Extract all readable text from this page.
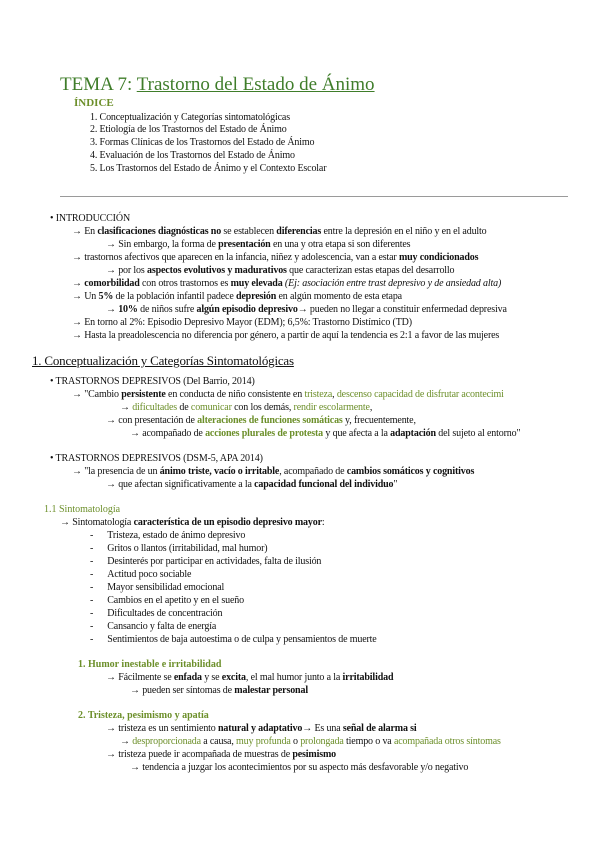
TEMA 7: Trastorno del Estado de Ánimo
ÍNDICE
1. Conceptualización y Categorías sintomatológicas
2. Etiología de los Trastornos del Estado de Ánimo
3. Formas Clínicas de los Trastornos del Estado de Ánimo
4. Evaluación de los Trastornos del Estado de Ánimo
5. Los Trastornos del Estado de Ánimo y el Contexto Escolar
• INTRODUCCIÓN
→ En clasificaciones diagnósticas no se establecen diferencias entre la depresión en el niño y en el adulto
→ Sin embargo, la forma de presentación en una y otra etapa si son diferentes
→ trastornos afectivos que aparecen en la infancia, niñez y adolescencia, van a estar muy condicionados
→ por los aspectos evolutivos y madurativos que caracterizan estas etapas del desarrollo
→ comorbilidad con otros trastornos es muy elevada (Ej: asociación entre trast depresivo y de ansiedad alta)
→ Un 5% de la población infantil padece depresión en algún momento de esta etapa
→ 10% de niños sufre algún episodio depresivo→ pueden no llegar a constituir enfermedad depresiva
→ En torno al 2%: Episodio Depresivo Mayor (EDM); 6,5%: Trastorno Distímico (TD)
→ Hasta la preadolescencia no diferencia por género, a partir de aquí la tendencia es 2:1 a favor de las mujeres
1. Conceptualización y Categorías Sintomatológicas
• TRASTORNOS DEPRESIVOS (Del Barrio, 2014)
→ "Cambio persistente en conducta de niño consistente en tristeza, descenso capacidad de disfrutar acontecimi
→ dificultades de comunicar con los demás, rendir escolarmente,
→ con presentación de alteraciones de funciones somáticas y, frecuentemente,
→ acompañado de acciones plurales de protesta y que afecta a la adaptación del sujeto al entorno"
• TRASTORNOS DEPRESIVOS (DSM-5, APA 2014)
→ "la presencia de un ánimo triste, vacío o irritable, acompañado de cambios somáticos y cognitivos
→ que afectan significativamente a la capacidad funcional del individuo"
1.1 Sintomatología
→ Sintomatología característica de un episodio depresivo mayor:
-      Tristeza, estado de ánimo depresivo
-      Gritos o llantos (irritabilidad, mal humor)
-      Desinterés por participar en actividades, falta de ilusión
-      Actitud poco sociable
-      Mayor sensibilidad emocional
-      Cambios en el apetito y en el sueño
-      Dificultades de concentración
-      Cansancio y falta de energía
-      Sentimientos de baja autoestima o de culpa y pensamientos de muerte
1. Humor inestable e irritabilidad
→ Fácilmente se enfada y se excita, el mal humor junto a la irritabilidad
→ pueden ser síntomas de malestar personal
2. Tristeza, pesimismo y apatía
→ tristeza es un sentimiento natural y adaptativo→ Es una señal de alarma si
→ desproporcionada a causa, muy profunda o prolongada tiempo o va acompañada otros síntomas
→ tristeza puede ir acompañada de muestras de pesimismo
→ tendencia a juzgar los acontecimientos por su aspecto más desfavorable y/o negativo
